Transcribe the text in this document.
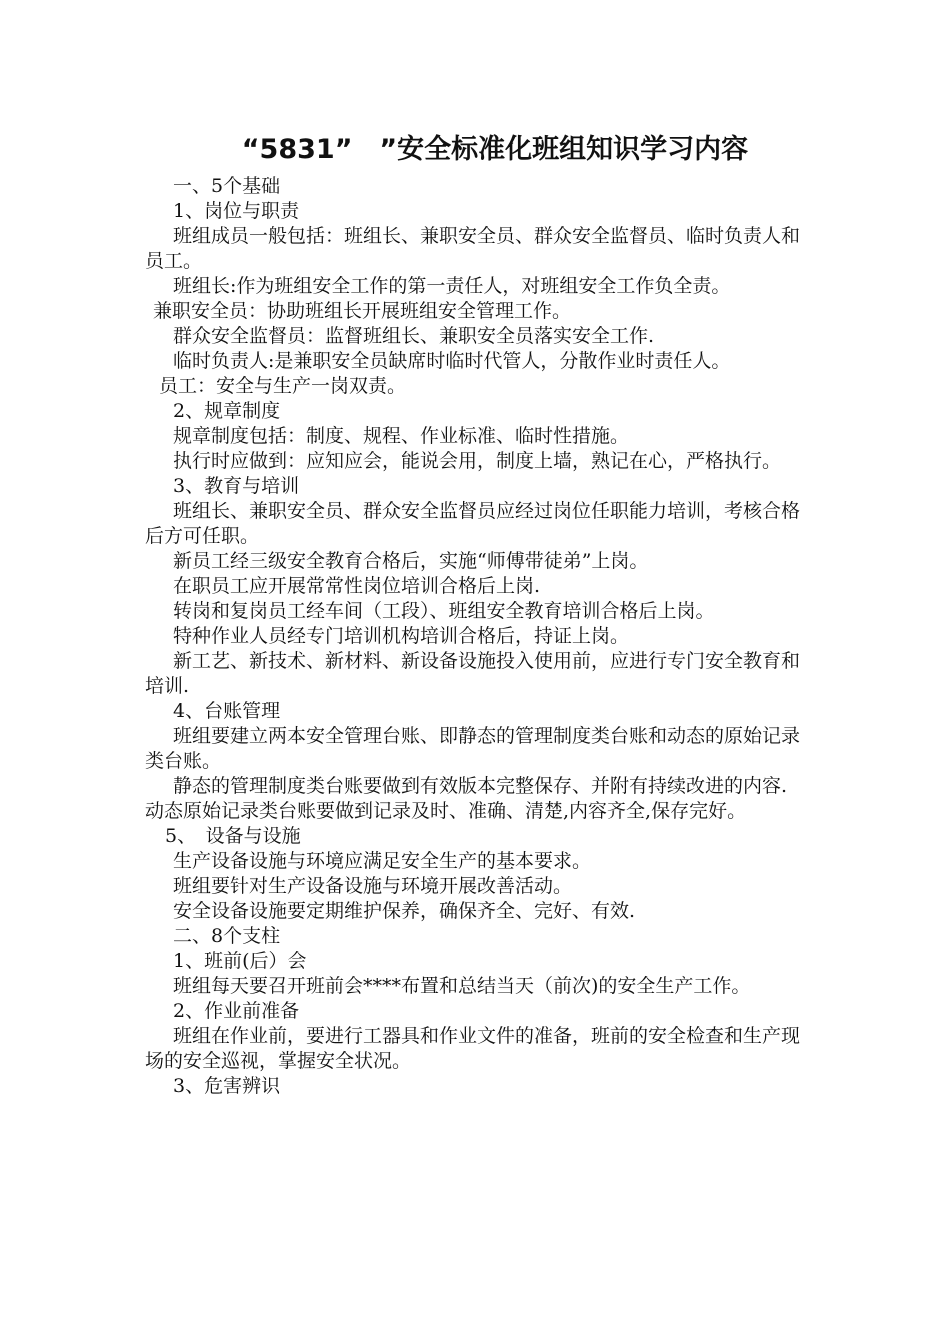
“5831”　”安全标准化班组知识学习内容

一、5个基础

1、岗位与职责

班组成员一般包括：班组长、兼职安全员、群众安全监督员、临时负责人和员工。

班组长:作为班组安全工作的第一责任人，对班组安全工作负全责。

兼职安全员：协助班组长开展班组安全管理工作。

群众安全监督员：监督班组长、兼职安全员落实安全工作.

临时负责人:是兼职安全员缺席时临时代管人，分散作业时责任人。

员工：安全与生产一岗双责。

2、规章制度

规章制度包括：制度、规程、作业标准、临时性措施。

执行时应做到：应知应会，能说会用，制度上墙，熟记在心，严格执行。

3、教育与培训

班组长、兼职安全员、群众安全监督员应经过岗位任职能力培训，考核合格后方可任职。

新员工经三级安全教育合格后，实施“师傅带徒弟”上岗。

在职员工应开展常常性岗位培训合格后上岗.

转岗和复岗员工经车间（工段）、班组安全教育培训合格后上岗。

特种作业人员经专门培训机构培训合格后，持证上岗。

新工艺、新技术、新材料、新设备设施投入使用前，应进行专门安全教育和培训.

4、台账管理

班组要建立两本安全管理台账、即静态的管理制度类台账和动态的原始记录类台账。

静态的管理制度类台账要做到有效版本完整保存、并附有持续改进的内容. 动态原始记录类台账要做到记录及时、准确、清楚,内容齐全,保存完好。

5、　设备与设施

生产设备设施与环境应满足安全生产的基本要求。

班组要针对生产设备设施与环境开展改善活动。

安全设备设施要定期维护保养，确保齐全、完好、有效.

二、8个支柱

1、班前(后）会

班组每天要召开班前会****布置和总结当天（前次)的安全生产工作。

2、作业前准备

班组在作业前，要进行工器具和作业文件的准备，班前的安全检查和生产现场的安全巡视，掌握安全状况。

3、危害辨识
